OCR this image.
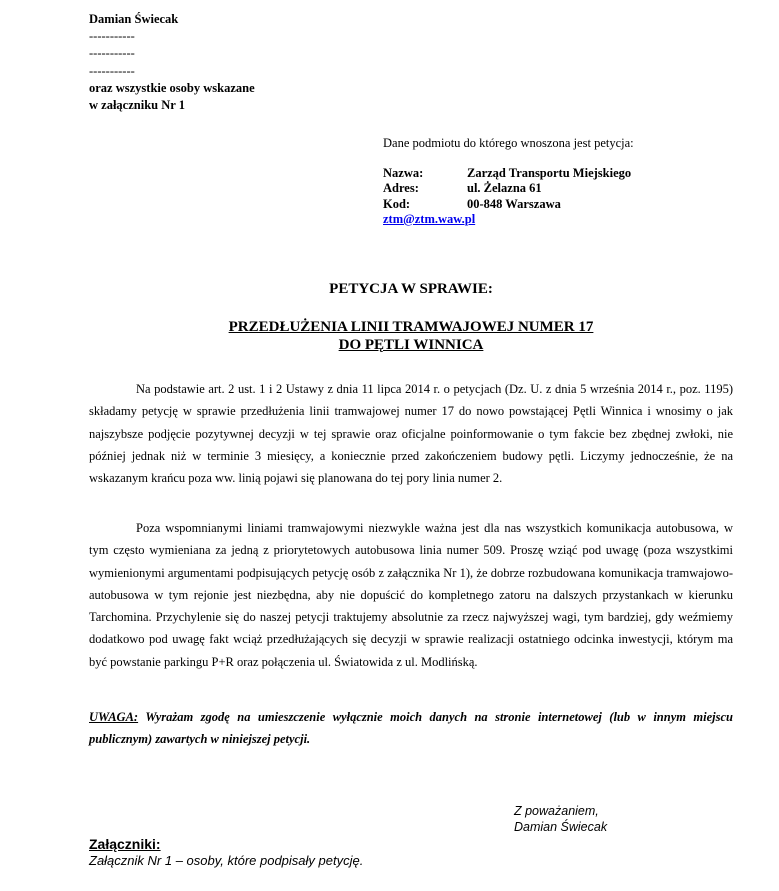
Damian Świecak
-----------
-----------
-----------
oraz wszystkie osoby wskazane
w załączniku Nr 1
Dane podmiotu do którego wnoszona jest petycja:
Nazwa:	Zarząd Transportu Miejskiego
Adres:	ul. Żelazna 61
Kod:	00-848 Warszawa
ztm@ztm.waw.pl
PETYCJA W SPRAWIE:
PRZEDŁUŻENIA LINII TRAMWAJOWEJ NUMER 17
DO PĘTLI WINNICA

Na podstawie art. 2 ust. 1 i 2 Ustawy z dnia 11 lipca 2014 r. o petycjach (Dz. U. z dnia 5 września 2014 r., poz. 1195) składamy petycję w sprawie przedłużenia linii tramwajowej numer 17 do nowo powstającej Pętli Winnica i wnosimy o jak najszybsze podjęcie pozytywnej decyzji w tej sprawie oraz oficjalne poinformowanie o tym fakcie bez zbędnej zwłoki, nie później jednak niż w terminie 3 miesięcy, a koniecznie przed zakończeniem budowy pętli. Liczymy jednocześnie, że na wskazanym krańcu poza ww. linią pojawi się planowana do tej pory linia numer 2.

Poza wspomnianymi liniami tramwajowymi niezwykle ważna jest dla nas wszystkich komunikacja autobusowa, w tym często wymieniana za jedną z priorytetowych autobusowa linia numer 509. Proszę wziąć pod uwagę (poza wszystkimi wymienionymi argumentami podpisujących petycję osób z załącznika Nr 1), że dobrze rozbudowana komunikacja tramwajowo-autobusowa w tym rejonie jest niezbędna, aby nie dopuścić do kompletnego zatoru na dalszych przystankach w kierunku Tarchomina. Przychylenie się do naszej petycji traktujemy absolutnie za rzecz najwyższej wagi, tym bardziej, gdy weźmiemy dodatkowo pod uwagę fakt wciąż przedłużających się decyzji w sprawie realizacji ostatniego odcinka inwestycji, którym ma być powstanie parkingu P+R oraz połączenia ul. Światowida z ul. Modlińską.

UWAGA: Wyrażam zgodę na umieszczenie wyłącznie moich danych na stronie internetowej (lub w innym miejscu publicznym) zawartych w niniejszej petycji.

Z poważaniem,
Damian Świecak
Załączniki:
Załącznik Nr 1 – osoby, które podpisały petycję.
